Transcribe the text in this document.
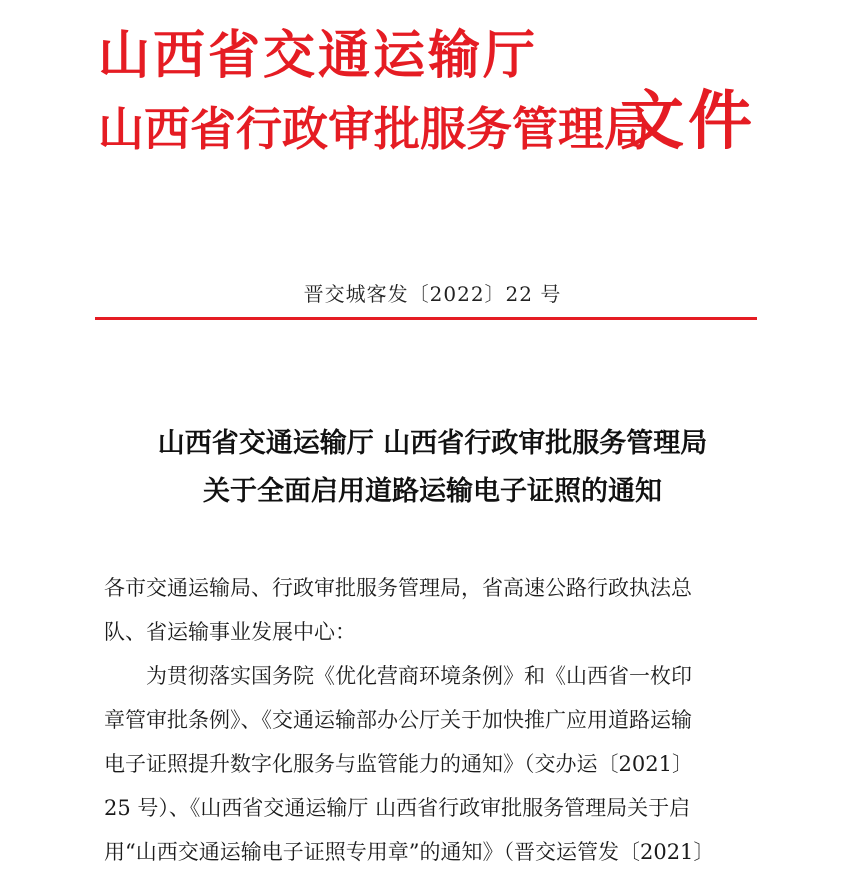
山西省交通运输厅
山西省行政审批服务管理局
文件
晋交城客发〔2022〕22 号
山西省交通运输厅 山西省行政审批服务管理局
关于全面启用道路运输电子证照的通知
各市交通运输局、行政审批服务管理局，省高速公路行政执法总
队、省运输事业发展中心：
为贯彻落实国务院《优化营商环境条例》和《山西省一枚印
章管审批条例》、《交通运输部办公厅关于加快推广应用道路运输
电子证照提升数字化服务与监管能力的通知》（交办运〔2021〕
25 号）、《山西省交通运输厅 山西省行政审批服务管理局关于启
用“山西交通运输电子证照专用章”的通知》（晋交运管发〔2021〕
